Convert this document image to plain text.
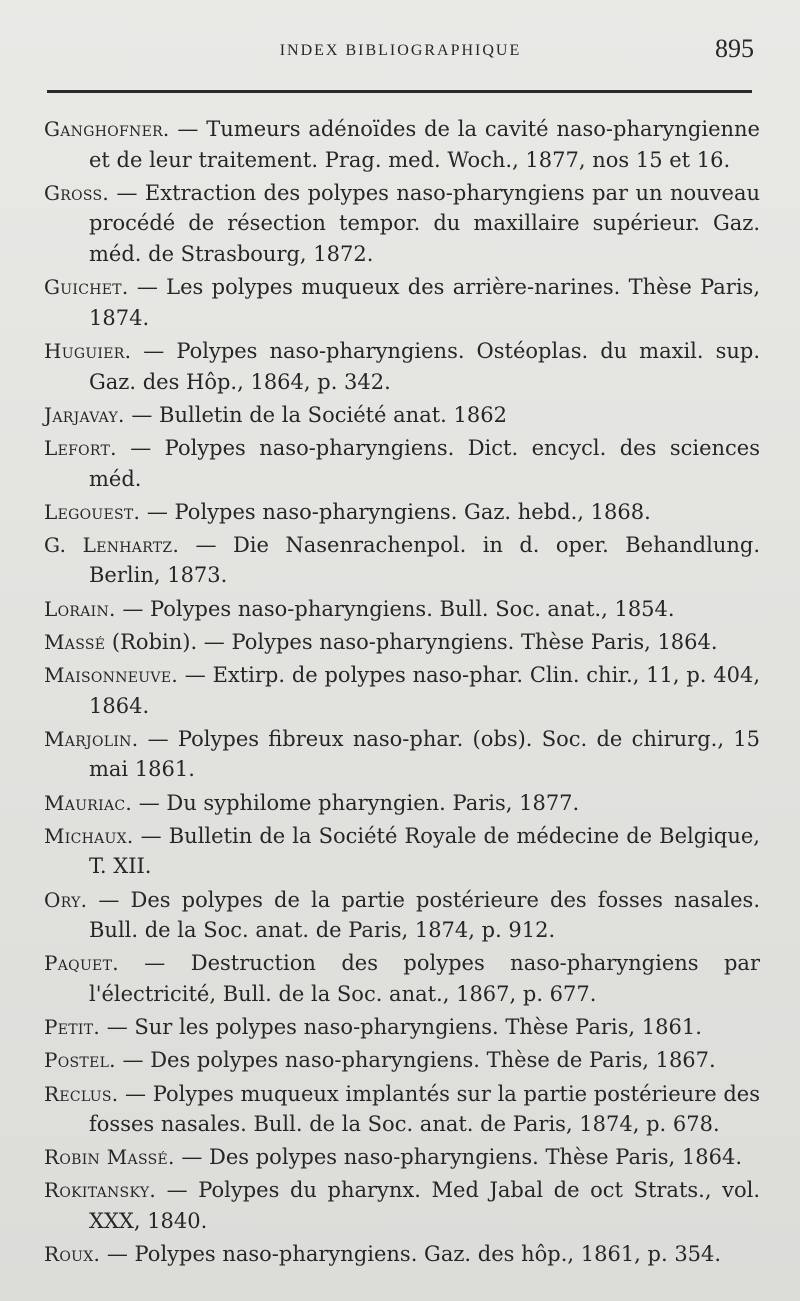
INDEX BIBLIOGRAPHIQUE	895

Ganghofner. — Tumeurs adénoïdes de la cavité naso-pharyngienne et de leur traitement. Prag. med. Woch., 1877, nos 15 et 16.

Gross. — Extraction des polypes naso-pharyngiens par un nouveau procédé de résection tempor. du maxillaire supérieur. Gaz. méd. de Strasbourg, 1872.

Guichet. — Les polypes muqueux des arrière-narines. Thèse Paris, 1874.

Huguier. — Polypes naso-pharyngiens. Ostéoplas. du maxil. sup. Gaz. des Hôp., 1864, p. 342.

Jarjavay. — Bulletin de la Société anat. 1862

Lefort. — Polypes naso-pharyngiens. Dict. encycl. des sciences méd.

Legouest. — Polypes naso-pharyngiens. Gaz. hebd., 1868.

G. Lenhartz. — Die Nasenrachenpol. in d. oper. Behandlung. Berlin, 1873.

Lorain. — Polypes naso-pharyngiens. Bull. Soc. anat., 1854.

Massé (Robin). — Polypes naso-pharyngiens. Thèse Paris, 1864.

Maisonneuve. — Extirp. de polypes naso-phar. Clin. chir., 11, p. 404, 1864.

Marjolin. — Polypes fibreux naso-phar. (obs). Soc. de chirurg., 15 mai 1861.

Mauriac. — Du syphilome pharyngien. Paris, 1877.

Michaux. — Bulletin de la Société Royale de médecine de Belgique, T. XII.

Ory. — Des polypes de la partie postérieure des fosses nasales. Bull. de la Soc. anat. de Paris, 1874, p. 912.

Paquet. — Destruction des polypes naso-pharyngiens par l'électricité, Bull. de la Soc. anat., 1867, p. 677.

Petit. — Sur les polypes naso-pharyngiens. Thèse Paris, 1861.

Postel. — Des polypes naso-pharyngiens. Thèse de Paris, 1867.

Reclus. — Polypes muqueux implantés sur la partie postérieure des fosses nasales. Bull. de la Soc. anat. de Paris, 1874, p. 678.

Robin Massé. — Des polypes naso-pharyngiens. Thèse Paris, 1864.

Rokitansky. — Polypes du pharynx. Med Jabal de oct Strats., vol. XXX, 1840.

Roux. — Polypes naso-pharyngiens. Gaz. des hôp., 1861, p. 354.
